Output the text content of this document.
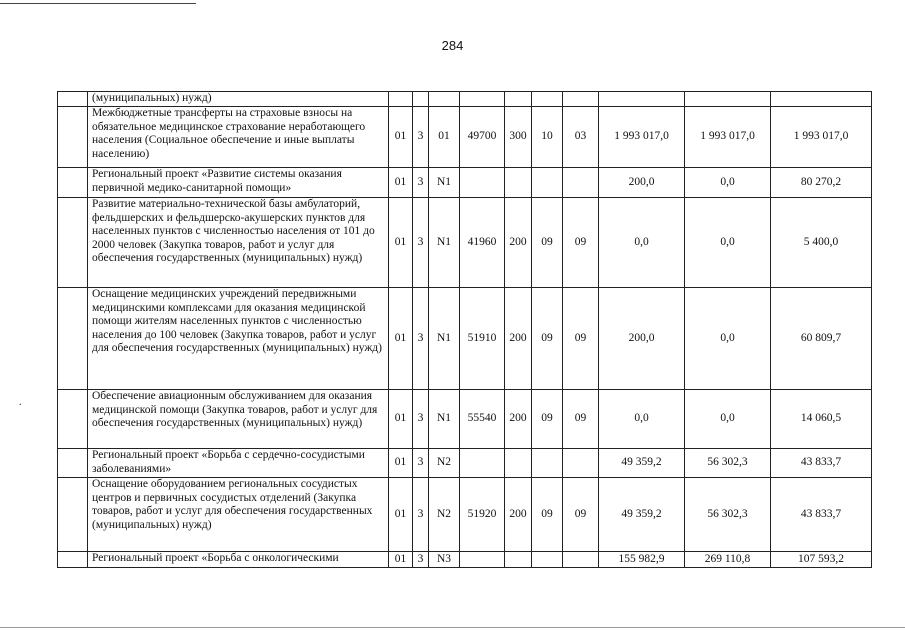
284
.
	(муниципальных) нужд)										
	Межбюджетные трансферты на страховые взносы на обязательное медицинское страхование неработающего населения (Социальное обеспечение и иные выплаты населению)	01	3	01	49700	300	10	03	1 993 017,0	1 993 017,0	1 993 017,0
	Региональный проект «Развитие системы оказания первичной медико-санитарной помощи»	01	3	N1					200,0	0,0	80 270,2
	Развитие материально-технической базы амбулаторий, фельдшерских и фельдшерско-акушерских пунктов для населенных пунктов с численностью населения от 101 до 2000 человек (Закупка товаров, работ и услуг для обеспечения государственных (муниципальных) нужд)	01	3	N1	41960	200	09	09	0,0	0,0	5 400,0
	Оснащение медицинских учреждений передвижными медицинскими комплексами для оказания медицинской помощи жителям населенных пунктов с численностью населения до 100 человек (Закупка товаров, работ и услуг для обеспечения государственных (муниципальных) нужд)	01	3	N1	51910	200	09	09	200,0	0,0	60 809,7
	Обеспечение авиационным обслуживанием для оказания медицинской помощи (Закупка товаров, работ и услуг для обеспечения государственных (муниципальных) нужд)	01	3	N1	55540	200	09	09	0,0	0,0	14 060,5
	Региональный проект «Борьба с сердечно-сосудистыми заболеваниями»	01	3	N2					49 359,2	56 302,3	43 833,7
	Оснащение оборудованием региональных сосудистых центров и первичных сосудистых отделений (Закупка товаров, работ и услуг для обеспечения государственных (муниципальных) нужд)	01	3	N2	51920	200	09	09	49 359,2	56 302,3	43 833,7
	Региональный проект «Борьба с онкологическими	01	3	N3					155 982,9	269 110,8	107 593,2
